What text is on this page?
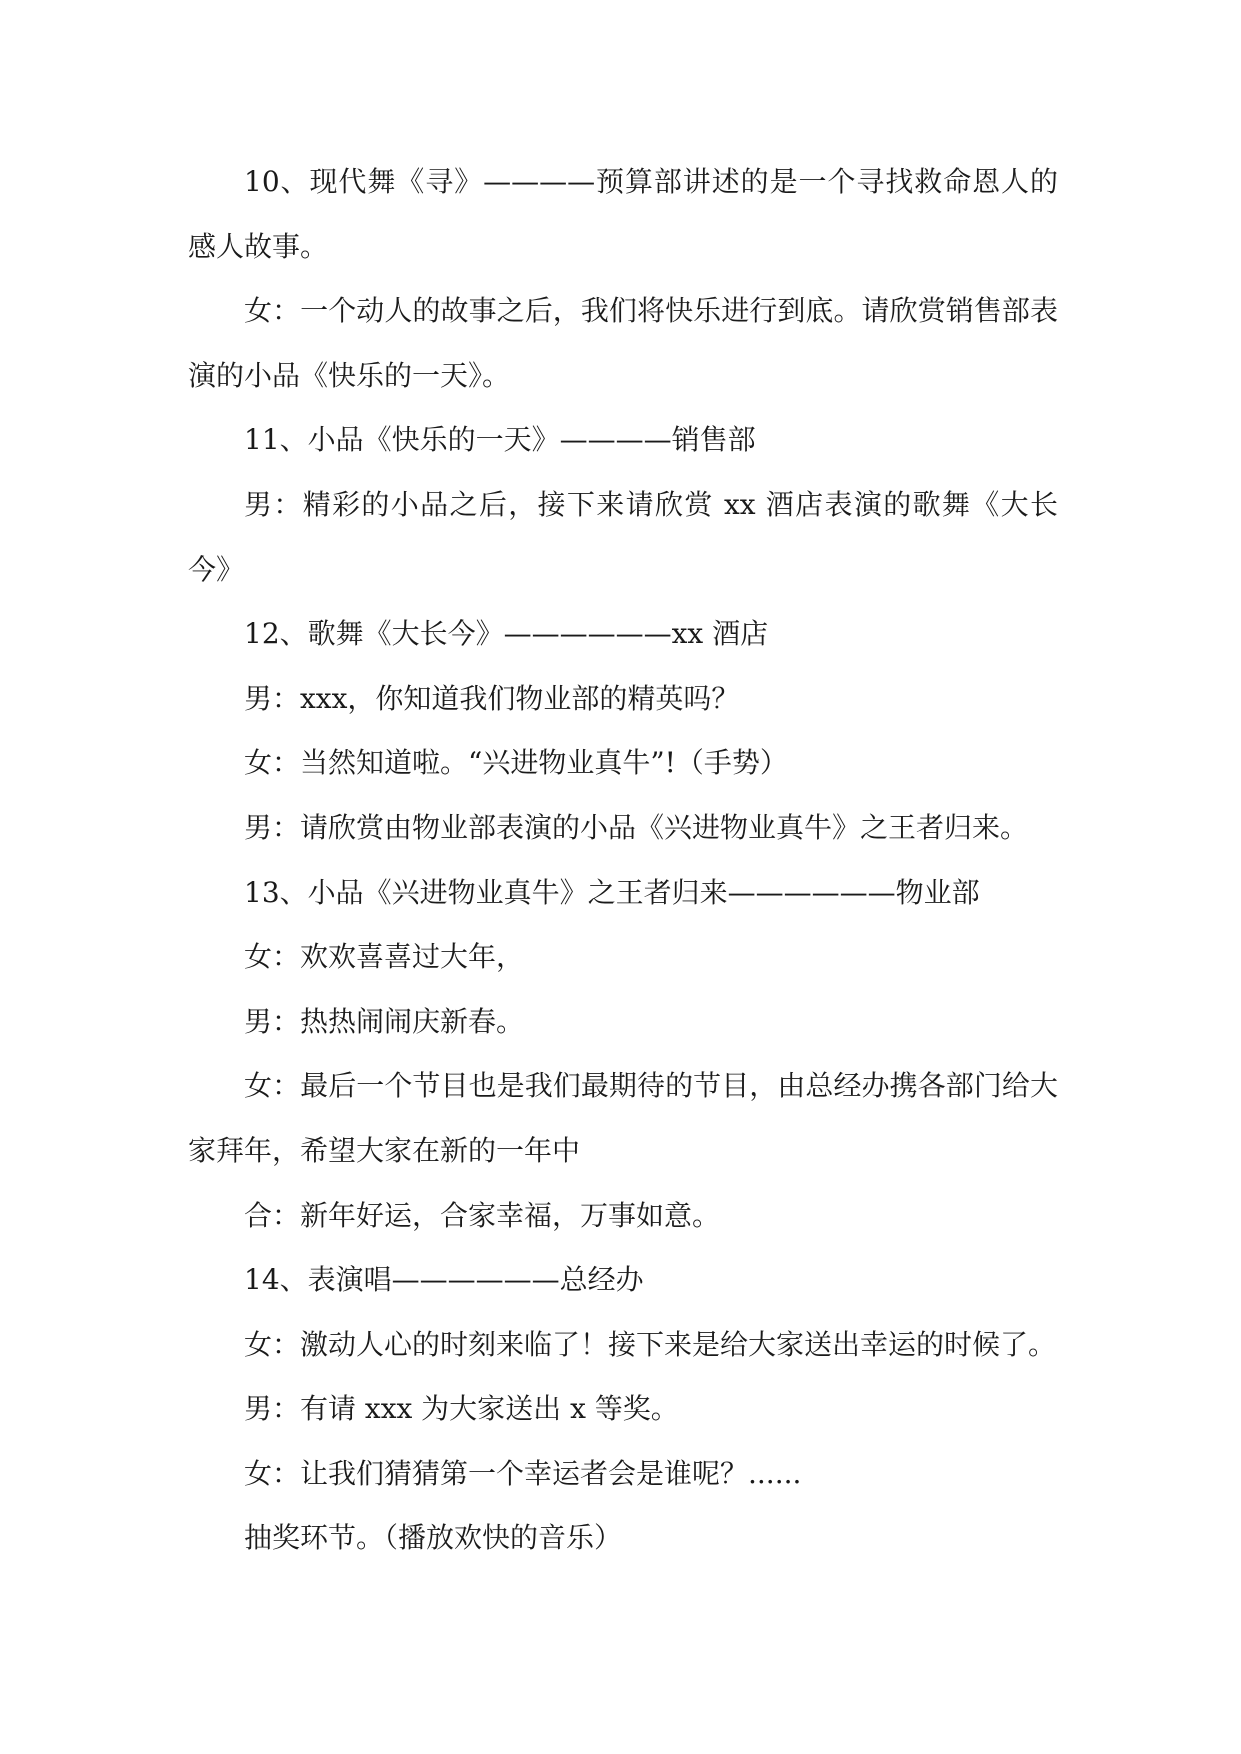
10、现代舞《寻》————预算部讲述的是一个寻找救命恩人的感人故事。

女：一个动人的故事之后，我们将快乐进行到底。请欣赏销售部表演的小品《快乐的一天》。

11、小品《快乐的一天》————销售部

男：精彩的小品之后，接下来请欣赏 xx 酒店表演的歌舞《大长今》

12、歌舞《大长今》——————xx 酒店

男：xxx，你知道我们物业部的精英吗？

女：当然知道啦。“兴进物业真牛”!（手势）

男：请欣赏由物业部表演的小品《兴进物业真牛》之王者归来。

13、小品《兴进物业真牛》之王者归来——————物业部

女：欢欢喜喜过大年，

男：热热闹闹庆新春。

女：最后一个节目也是我们最期待的节目，由总经办携各部门给大家拜年，希望大家在新的一年中

合：新年好运，合家幸福，万事如意。

14、表演唱——————总经办

女：激动人心的时刻来临了！接下来是给大家送出幸运的时候了。

男：有请 xxx 为大家送出 x 等奖。

女：让我们猜猜第一个幸运者会是谁呢？......

抽奖环节。（播放欢快的音乐）
